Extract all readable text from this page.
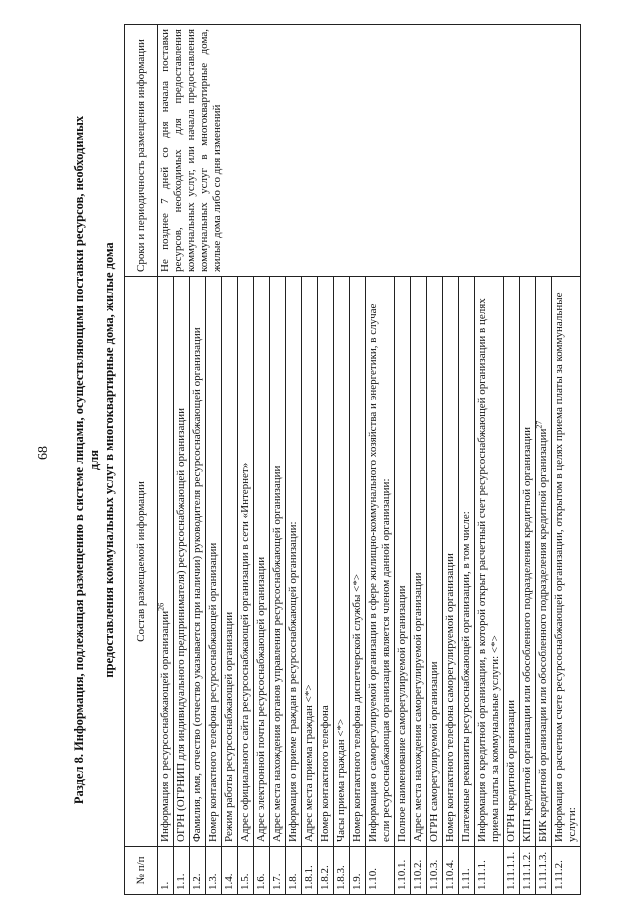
68	Раздел 8. Информация, подлежащая размещению в системе лицами, осуществляющими поставки ресурсов, необходимых для предоставления коммунальных услуг в многоквартирные дома, жилые дома
№ п/п	Состав размещаемой информации	Сроки и периодичность размещения информации
1.	Информация о ресурсоснабжающей организации$^{26}$	Не позднее 7 дней со дня начала поставки ресурсов, необходимых для предоставления коммунальных услуг, или начала предоставления коммунальных услуг в многоквартирные дома, жилые дома либо со дня изменений
1.1.	ОГРН (ОГРНИП для индивидуального предпринимателя) ресурсоснабжающей организации	
1.2.	Фамилия, имя, отчество (отчество указывается при наличии) руководителя ресурсоснабжающей организации	
1.3.	Номер контактного телефона ресурсоснабжающей организации	
1.4.	Режим работы ресурсоснабжающей организации	
1.5.	Адрес официального сайта ресурсоснабжающей организации в сети «Интернет»	
1.6.	Адрес электронной почты ресурсоснабжающей организации	
1.7.	Адрес места нахождения органов управления ресурсоснабжающей организации	
1.8.	Информация о приеме граждан в ресурсоснабжающей организации:	
1.8.1.	Адрес места приема граждан <*>	
1.8.2.	Номер контактного телефона	
1.8.3.	Часы приема граждан <*>	
1.9.	Номер контактного телефона диспетчерской службы <*>	
1.10.	Информация о саморегулируемой организации в сфере жилищно-коммунального хозяйства и энергетики, в случае если ресурсоснабжающая организация является членом данной организации:	
1.10.1.	Полное наименование саморегулируемой организации	
1.10.2.	Адрес места нахождения саморегулируемой организации	
1.10.3.	ОГРН саморегулируемой организации	
1.10.4.	Номер контактного телефона саморегулируемой организации	
1.11.	Платежные реквизиты ресурсоснабжающей организации, в том числе:	
1.11.1.	Информация о кредитной организации, в которой открыт расчетный счет ресурсоснабжающей организации в целях приема платы за коммунальные услуги: <*>	
1.11.1.1.	ОГРН кредитной организации	
1.11.1.2.	КПП кредитной организации или обособленного подразделения кредитной организации	
1.11.1.3.	БИК кредитной организации или обособленного подразделения кредитной организации$^{27}$
1.11.2.	Информация о расчетном счете ресурсоснабжающей организации, открытом в целях приема платы за коммунальные услуги:	
